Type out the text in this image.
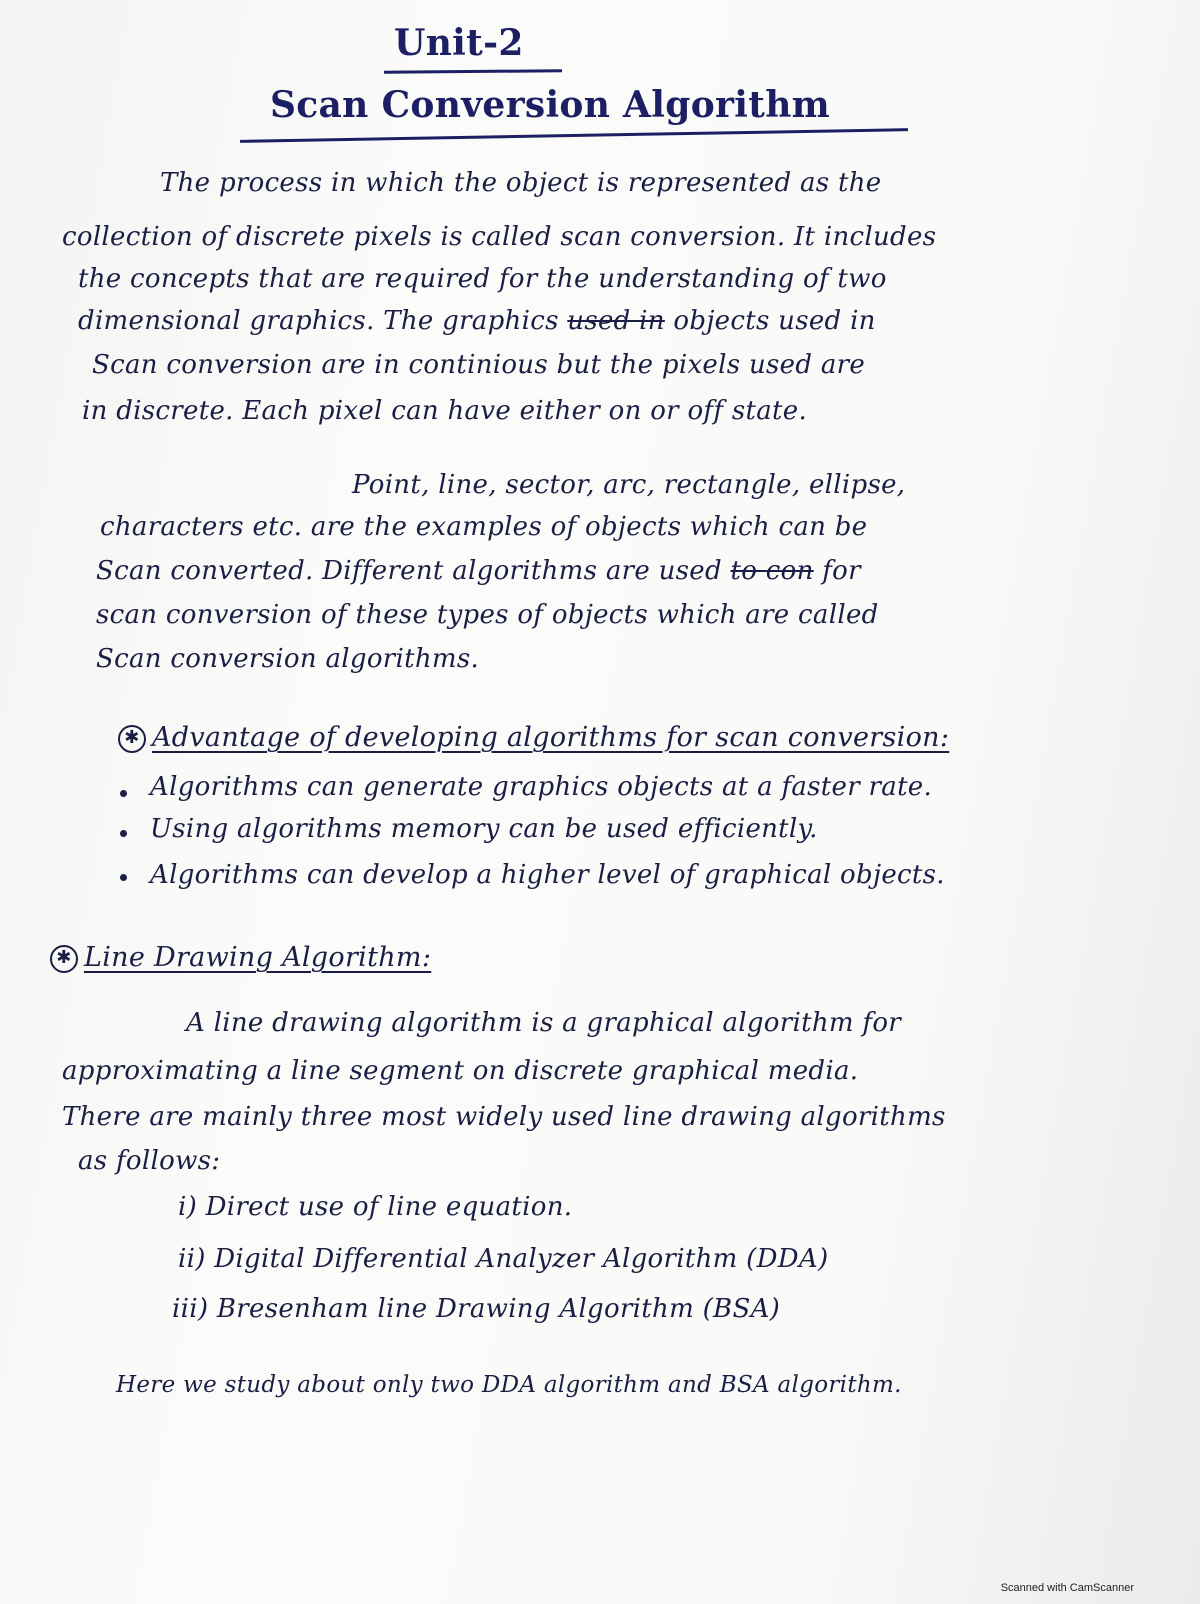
Unit-2
Scan Conversion Algorithm
The process in which the object is represented as the
collection of discrete pixels is called scan conversion. It includes
the concepts that are required for the understanding of two
dimensional graphics. The graphics used in objects used in
Scan conversion are in continious but the pixels used are
in discrete. Each pixel can have either on or off state.
Point, line, sector, arc, rectangle, ellipse,
characters etc. are the examples of objects which can be
Scan converted. Different algorithms are used to con for
scan conversion of these types of objects which are called
Scan conversion algorithms.
✱ Advantage of developing algorithms for scan conversion:
Algorithms can generate graphics objects at a faster rate.
Using algorithms memory can be used efficiently.
Algorithms can develop a higher level of graphical objects.
✱ Line Drawing Algorithm:
A line drawing algorithm is a graphical algorithm for
approximating a line segment on discrete graphical media.
There are mainly three most widely used line drawing algorithms
as follows:
i) Direct use of line equation.
ii) Digital Differential Analyzer Algorithm (DDA)
iii) Bresenham line Drawing Algorithm (BSA)
Here we study about only two DDA algorithm and BSA algorithm.
Scanned with CamScanner
